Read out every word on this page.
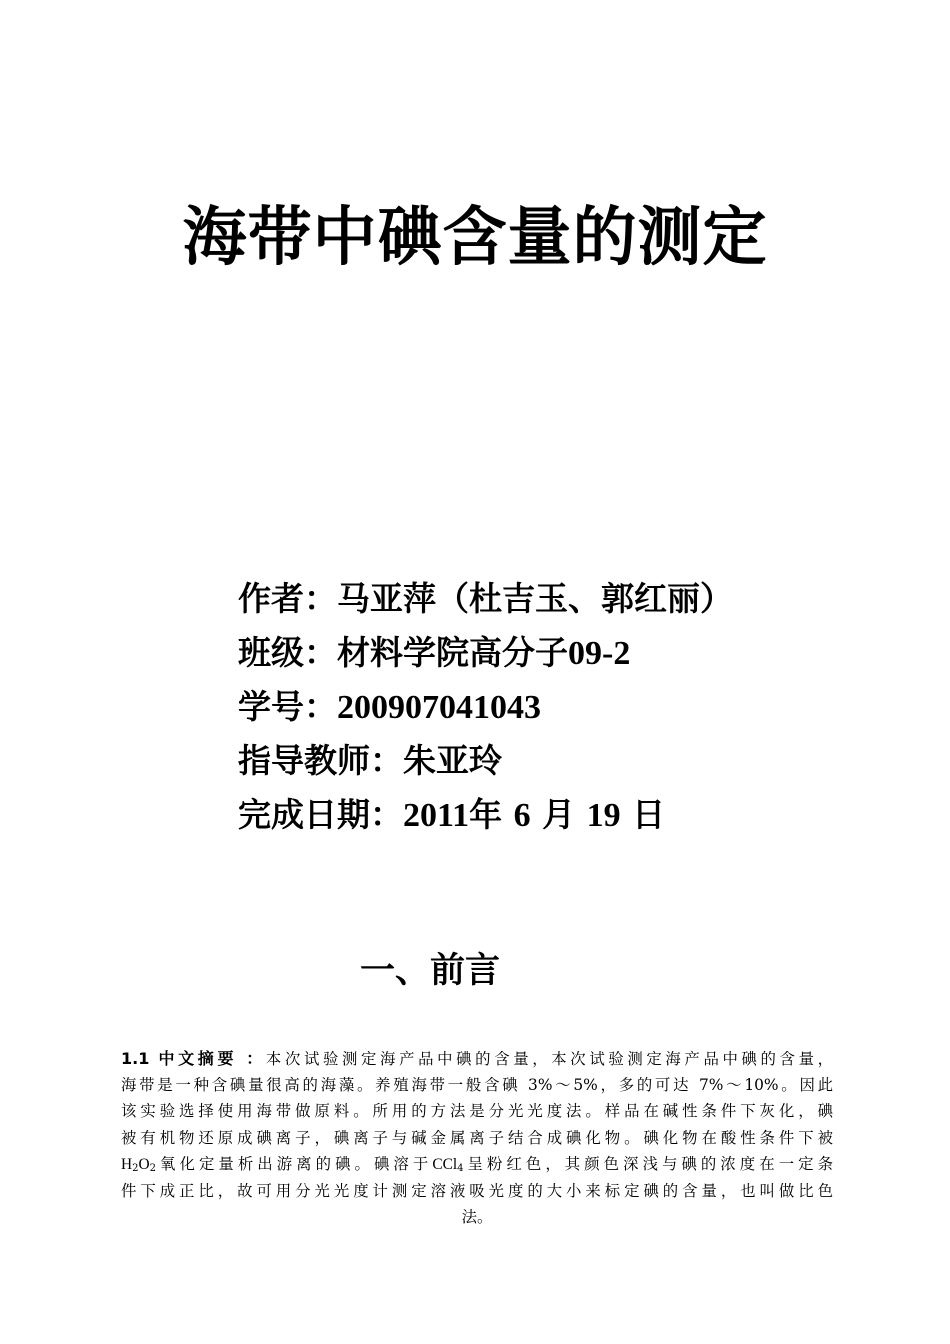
海带中碘含量的测定
作者：马亚萍（杜吉玉、郭红丽）
班级：材料学院高分子09-2
学号：200907041043
指导教师：朱亚玲
完成日期：2011年 6 月 19 日
一、前言
1.1 中文摘要 ：本次试验测定海产品中碘的含量，本次试验测定海产品中碘的含量，
海带是一种含碘量很高的海藻。养殖海带一般含碘 3%～5%，多的可达 7%～10%。因此
该实验选择使用海带做原料。所用的方法是分光光度法。样品在碱性条件下灰化，碘
被有机物还原成碘离子，碘离子与碱金属离子结合成碘化物。碘化物在酸性条件下被
$H_2O_2$氧化定量析出游离的碘。碘溶于CCl$_4$呈粉红色，其颜色深浅与碘的浓度在一定条
件下成正比，故可用分光光度计测定溶液吸光度的大小来标定碘的含量，也叫做比色
法。
